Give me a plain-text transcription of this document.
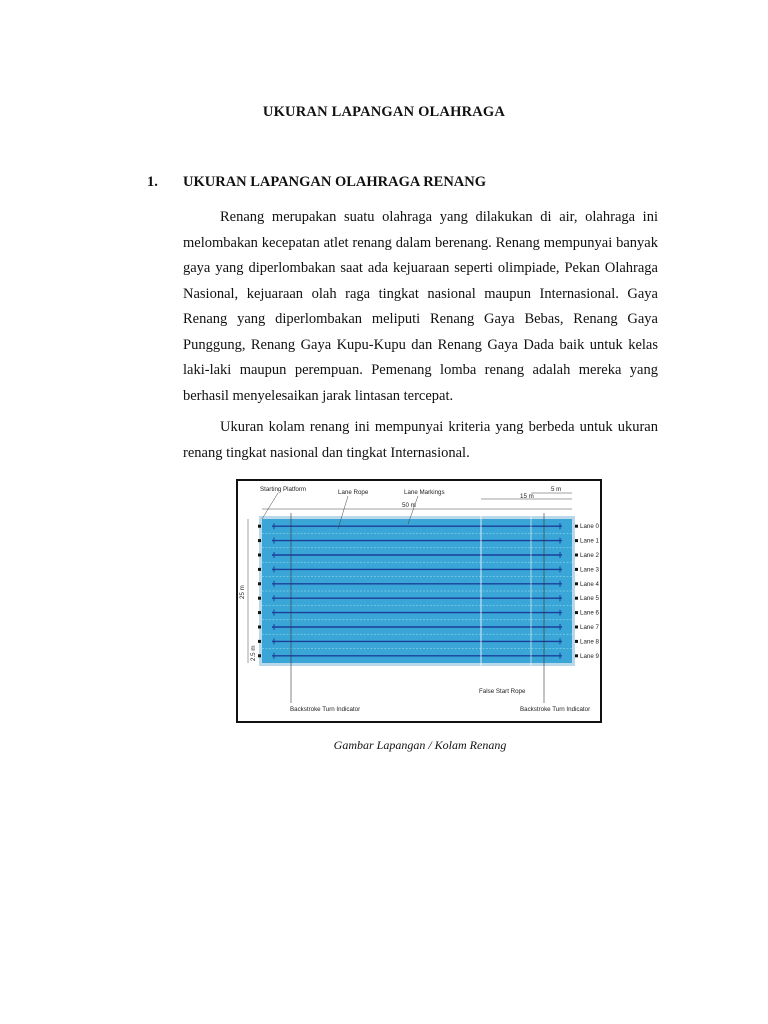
UKURAN LAPANGAN OLAHRAGA
1. UKURAN LAPANGAN OLAHRAGA RENANG

Renang merupakan suatu olahraga yang dilakukan di air, olahraga ini melombakan kecepatan atlet renang dalam berenang. Renang mempunyai banyak gaya yang diperlombakan saat ada kejuaraan seperti olimpiade, Pekan Olahraga Nasional, kejuaraan olah raga tingkat nasional maupun Internasional. Gaya Renang yang diperlombakan meliputi Renang Gaya Bebas, Renang Gaya Punggung, Renang Gaya Kupu-Kupu dan Renang Gaya Dada baik untuk kelas laki-laki maupun perempuan. Pemenang lomba renang adalah mereka yang berhasil menyelesaikan jarak lintasan tercepat.

Ukuran kolam renang ini mempunyai kriteria yang berbeda untuk ukuran renang tingkat nasional dan tingkat Internasional.

Starting Platform	Lane Rope	Lane Markings
50 m
15 m
5 m
25 m
2.5 m
False Start Rope
Backstroke Turn Indicator	Backstroke Turn Indicator
Lane 0
Lane 1
Lane 2
Lane 3
Lane 4
Lane 5
Lane 6
Lane 7
Lane 8
Lane 9
Gambar Lapangan / Kolam Renang
